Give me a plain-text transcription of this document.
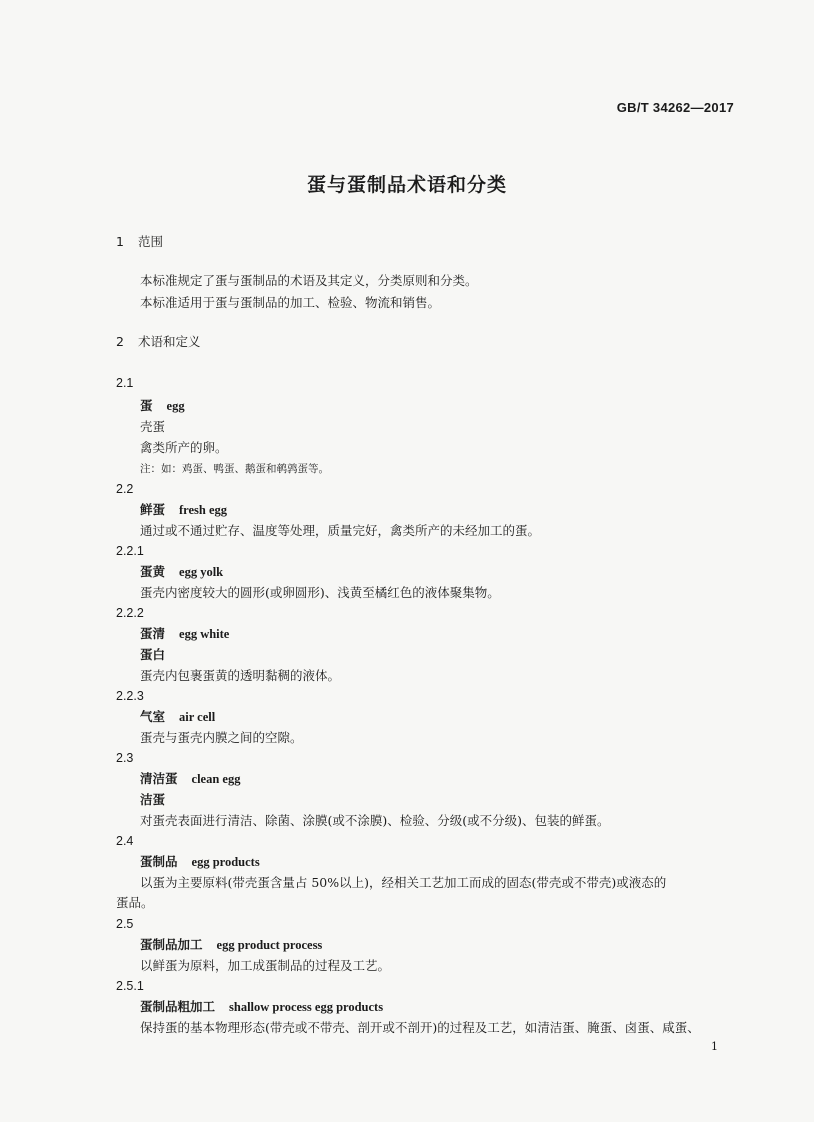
GB/T 34262—2017
蛋与蛋制品术语和分类
1 范围
本标准规定了蛋与蛋制品的术语及其定义，分类原则和分类。
本标准适用于蛋与蛋制品的加工、检验、物流和销售。
2 术语和定义
2.1
蛋 egg
壳蛋
禽类所产的卵。
注：如：鸡蛋、鸭蛋、鹅蛋和鹌鹑蛋等。
2.2
鲜蛋 fresh egg
通过或不通过贮存、温度等处理，质量完好，禽类所产的未经加工的蛋。
2.2.1
蛋黄 egg yolk
蛋壳内密度较大的圆形(或卵圆形)、浅黄至橘红色的液体聚集物。
2.2.2
蛋清 egg white
蛋白
蛋壳内包裹蛋黄的透明黏稠的液体。
2.2.3
气室 air cell
蛋壳与蛋壳内膜之间的空隙。
2.3
清洁蛋 clean egg
洁蛋
对蛋壳表面进行清洁、除菌、涂膜(或不涂膜)、检验、分级(或不分级)、包装的鲜蛋。
2.4
蛋制品 egg products
以蛋为主要原料(带壳蛋含量占 50%以上)，经相关工艺加工而成的固态(带壳或不带壳)或液态的
蛋品。
2.5
蛋制品加工 egg product process
以鲜蛋为原料，加工成蛋制品的过程及工艺。
2.5.1
蛋制品粗加工 shallow process egg products
保持蛋的基本物理形态(带壳或不带壳、剖开或不剖开)的过程及工艺，如清洁蛋、腌蛋、卤蛋、咸蛋、
1
